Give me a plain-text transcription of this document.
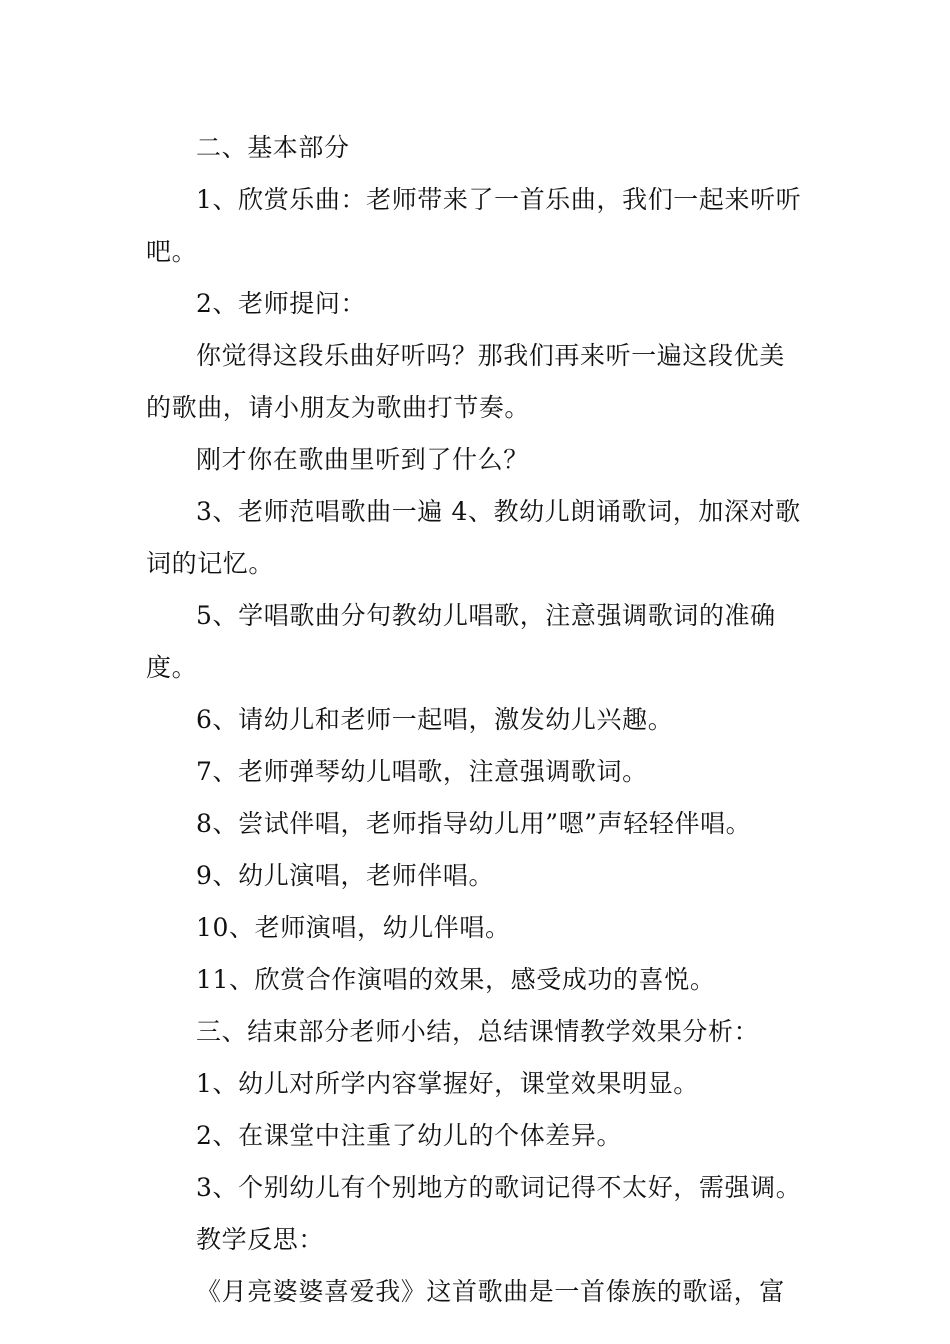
二、基本部分

1、欣赏乐曲：老师带来了一首乐曲，我们一起来听听吧。

2、老师提问：

你觉得这段乐曲好听吗？那我们再来听一遍这段优美的歌曲，请小朋友为歌曲打节奏。

刚才你在歌曲里听到了什么？

3、老师范唱歌曲一遍 4、教幼儿朗诵歌词，加深对歌词的记忆。

5、学唱歌曲分句教幼儿唱歌，注意强调歌词的准确度。

6、请幼儿和老师一起唱，激发幼儿兴趣。

7、老师弹琴幼儿唱歌，注意强调歌词。

8、尝试伴唱，老师指导幼儿用”嗯”声轻轻伴唱。

9、幼儿演唱，老师伴唱。

10、老师演唱，幼儿伴唱。

11、欣赏合作演唱的效果，感受成功的喜悦。

三、结束部分老师小结，总结课情教学效果分析：

1、幼儿对所学内容掌握好，课堂效果明显。

2、在课堂中注重了幼儿的个体差异。

3、个别幼儿有个别地方的歌词记得不太好，需强调。

教学反思：

《月亮婆婆喜爱我》这首歌曲是一首傣族的歌谣，富
